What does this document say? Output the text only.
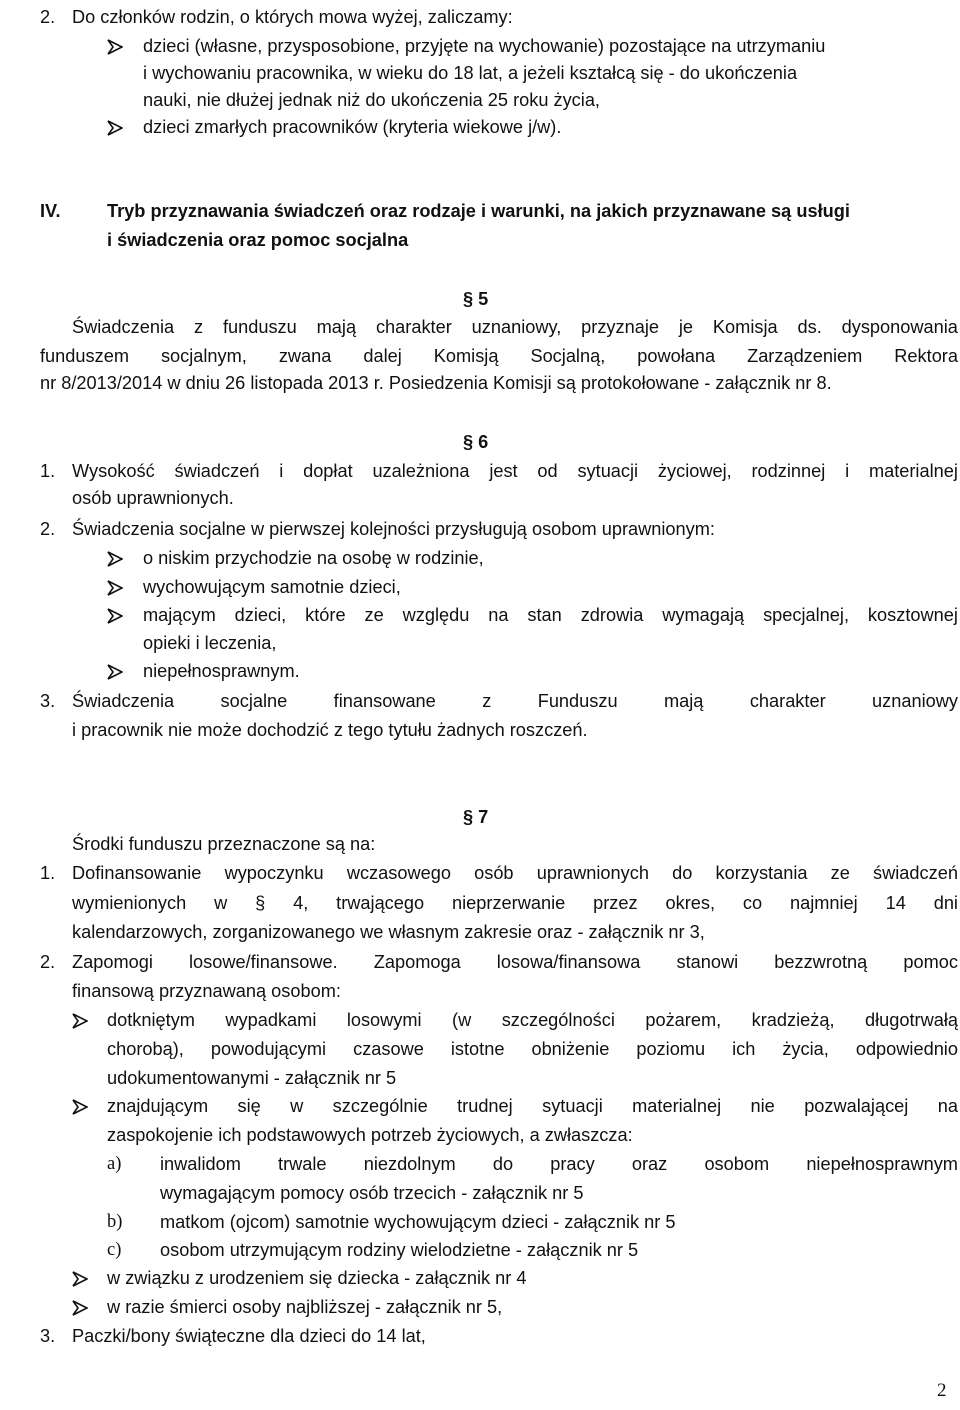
2. Do członków rodzin, o których mowa wyżej, zaliczamy:
dzieci (własne, przysposobione, przyjęte na wychowanie) pozostające na utrzymaniu
i wychowaniu pracownika, w wieku do 18 lat, a jeżeli kształcą się - do ukończenia
nauki, nie dłużej jednak niż do ukończenia 25 roku życia,
dzieci zmarłych pracowników (kryteria wiekowe j/w).
IV.	Tryb przyznawania świadczeń oraz rodzaje i warunki, na jakich przyznawane są usługi
i świadczenia oraz pomoc socjalna
§ 5
Świadczenia z funduszu mają charakter uznaniowy, przyznaje je Komisja ds. dysponowania
funduszem socjalnym, zwana dalej Komisją Socjalną, powołana Zarządzeniem Rektora
nr 8/2013/2014 w dniu 26 listopada 2013 r. Posiedzenia Komisji są protokołowane - załącznik nr 8.
§ 6
1. Wysokość świadczeń i dopłat uzależniona jest od sytuacji życiowej, rodzinnej i materialnej
osób uprawnionych.
2. Świadczenia socjalne w pierwszej kolejności przysługują osobom uprawnionym:
o niskim przychodzie na osobę w rodzinie,
wychowującym samotnie dzieci,
mającym dzieci, które ze względu na stan zdrowia wymagają specjalnej, kosztownej
opieki i leczenia,
niepełnosprawnym.
3. Świadczenia	socjalne	finansowane	z	Funduszu	mają	charakter	uznaniowy
i pracownik nie może dochodzić z tego tytułu żadnych roszczeń.
§ 7
Środki funduszu przeznaczone są na:
1. Dofinansowanie wypoczynku wczasowego osób uprawnionych do korzystania ze świadczeń
wymienionych w § 4, trwającego nieprzerwanie przez okres, co najmniej 14 dni
kalendarzowych, zorganizowanego we własnym zakresie oraz - załącznik nr 3,
2. Zapomogi losowe/finansowe. Zapomoga losowa/finansowa stanowi bezzwrotną pomoc
finansową przyznawaną osobom:
dotkniętym wypadkami losowymi (w szczególności pożarem, kradzieżą, długotrwałą
chorobą), powodującymi czasowe istotne obniżenie poziomu ich życia, odpowiednio
udokumentowanymi - załącznik nr 5
znajdującym się w szczególnie trudnej sytuacji materialnej nie pozwalającej na
zaspokojenie ich podstawowych potrzeb życiowych, a zwłaszcza:
a) inwalidom trwale niezdolnym do pracy oraz osobom niepełnosprawnym
wymagającym pomocy osób trzecich - załącznik nr 5
b) matkom (ojcom) samotnie wychowującym dzieci - załącznik nr 5
c) osobom utrzymującym rodziny wielodzietne - załącznik nr 5
w związku z urodzeniem się dziecka - załącznik nr 4
w razie śmierci osoby najbliższej - załącznik nr 5,
3. Paczki/bony świąteczne dla dzieci do 14 lat,
2
